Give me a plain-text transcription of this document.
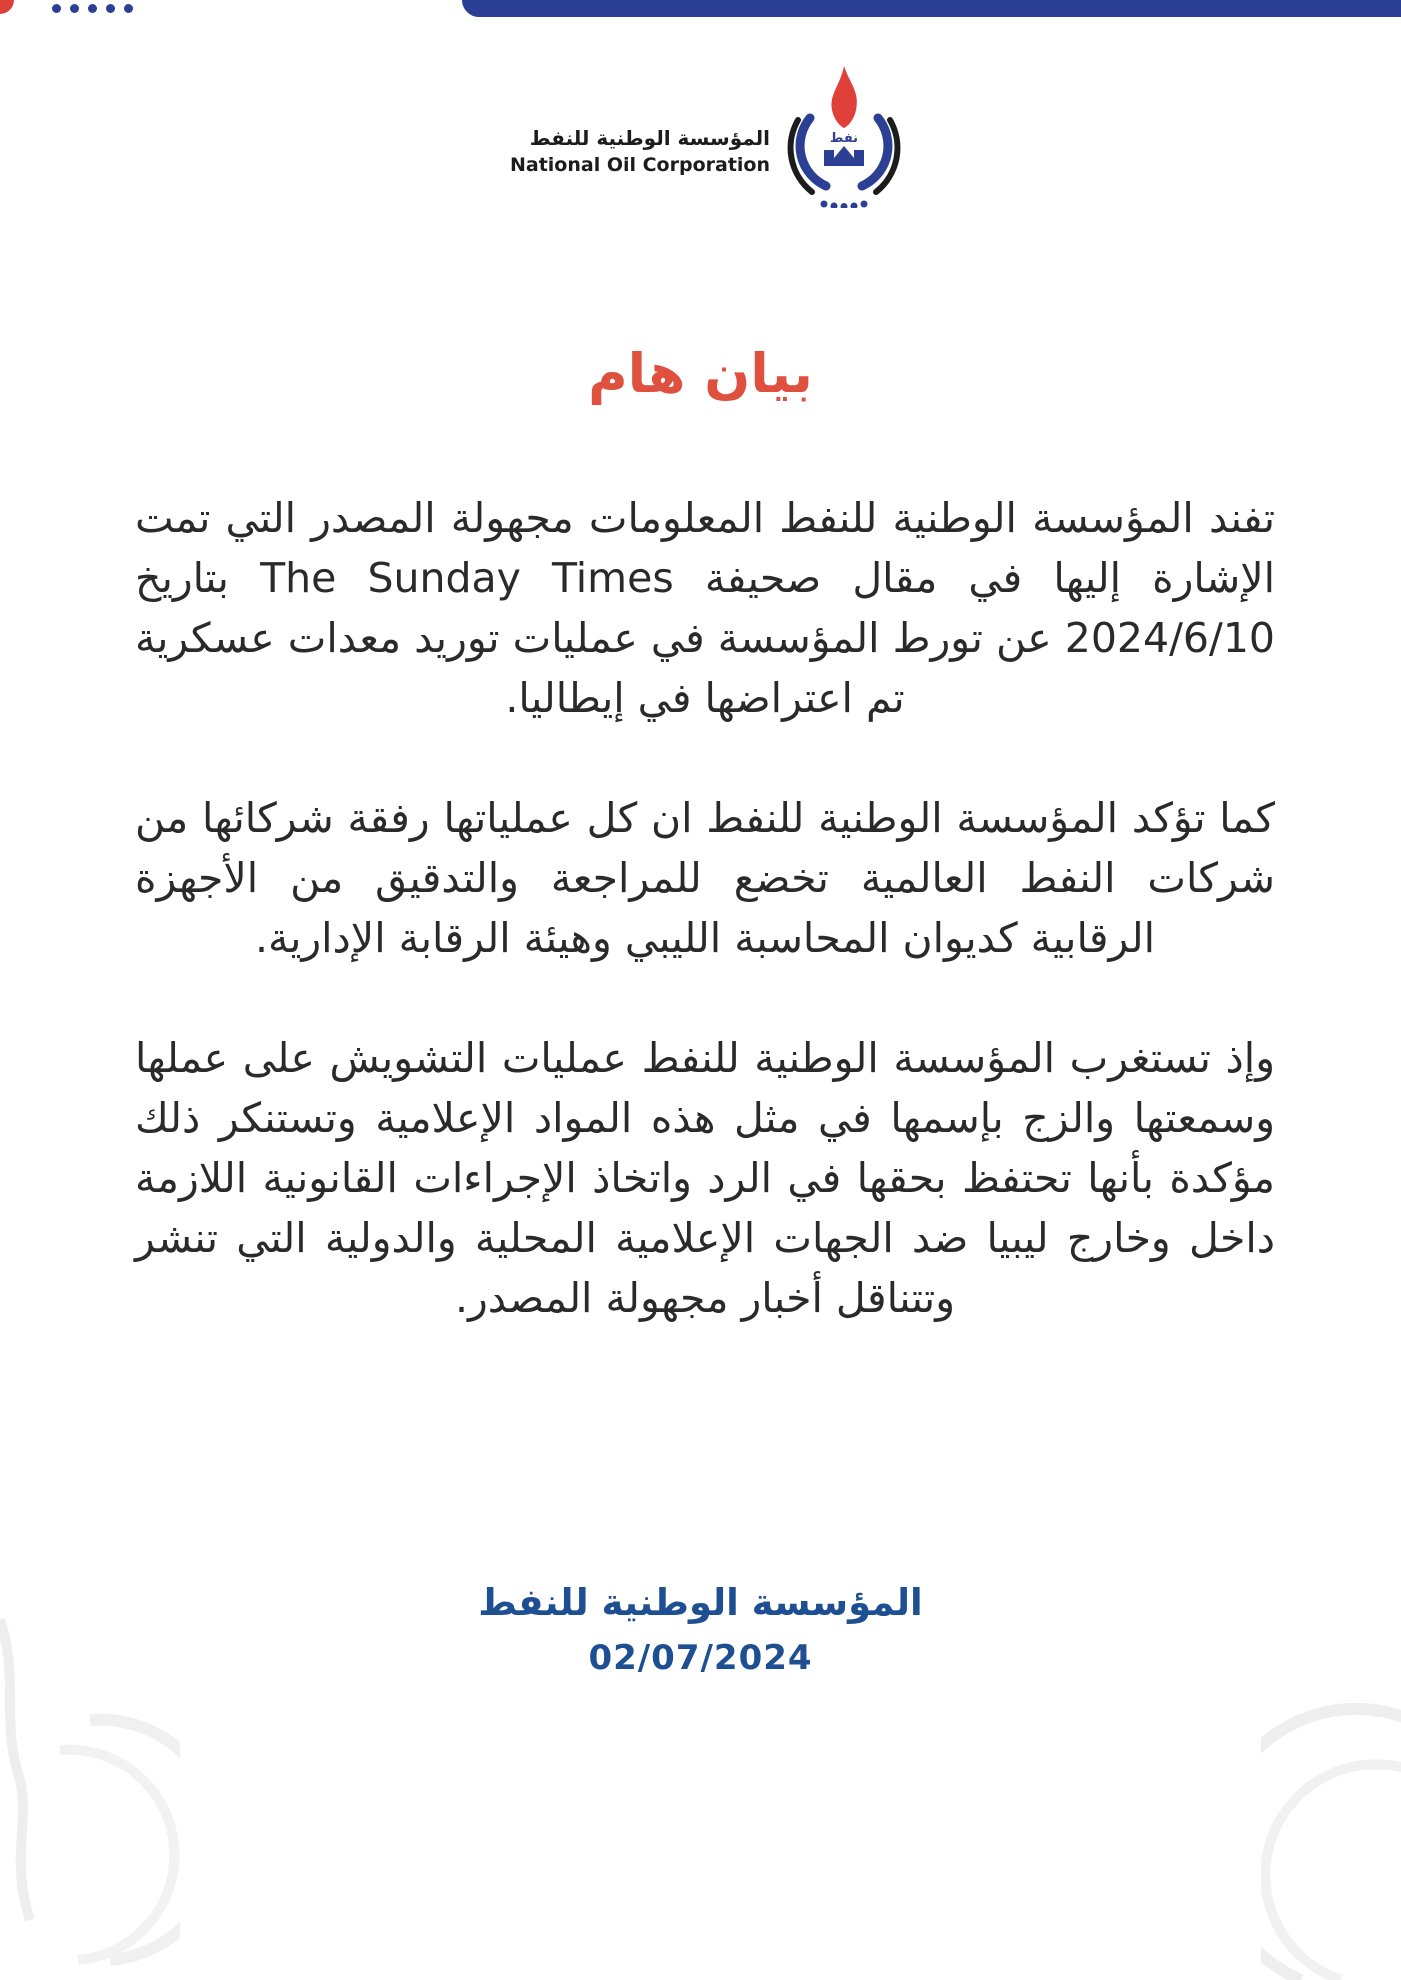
المؤسسة الوطنية للنفط
National Oil Corporation
نفط
بيان هام

تفند المؤسسة الوطنية للنفط المعلومات مجهولة المصدر التي تمت الإشارة إليها في مقال صحيفة The Sunday Times بتاريخ 2024/6/10 عن تورط المؤسسة في عمليات توريد معدات عسكرية تم اعتراضها في إيطاليا.

كما تؤكد المؤسسة الوطنية للنفط ان كل عملياتها رفقة شركائها من شركات النفط العالمية تخضع للمراجعة والتدقيق من الأجهزة الرقابية كديوان المحاسبة الليبي وهيئة الرقابة الإدارية.

وإذ تستغرب المؤسسة الوطنية للنفط عمليات التشويش على عملها وسمعتها والزج بإسمها في مثل هذه المواد الإعلامية وتستنكر ذلك مؤكدة بأنها تحتفظ بحقها في الرد واتخاذ الإجراءات القانونية اللازمة داخل وخارج ليبيا ضد الجهات الإعلامية المحلية والدولية التي تنشر وتتناقل أخبار مجهولة المصدر.

المؤسسة الوطنية للنفط
02/07/2024
